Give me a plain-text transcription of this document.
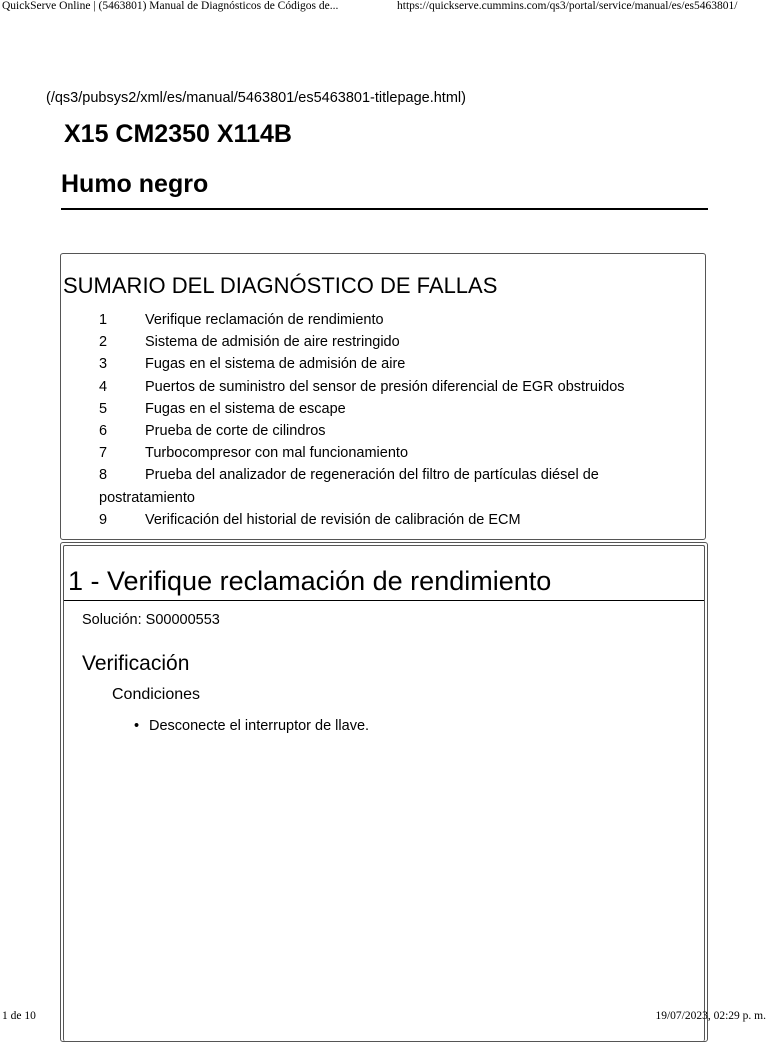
QuickServe Online | (5463801) Manual de Diagnósticos de Códigos de...	https://quickserve.cummins.com/qs3/portal/service/manual/es/es5463801/
(/qs3/pubsys2/xml/es/manual/5463801/es5463801-titlepage.html)
X15 CM2350 X114B
Humo negro
SUMARIO DEL DIAGNÓSTICO DE FALLAS
1	Verifique reclamación de rendimiento
2	Sistema de admisión de aire restringido
3	Fugas en el sistema de admisión de aire
4	Puertos de suministro del sensor de presión diferencial de EGR obstruidos
5	Fugas en el sistema de escape
6	Prueba de corte de cilindros
7	Turbocompresor con mal funcionamiento
8	Prueba del analizador de regeneración del filtro de partículas diésel de postratamiento
9	Verificación del historial de revisión de calibración de ECM
1 - Verifique reclamación de rendimiento
Solución: S00000553
Verificación
Condiciones
• Desconecte el interruptor de llave.
1 de 10	19/07/2023, 02:29 p. m.
